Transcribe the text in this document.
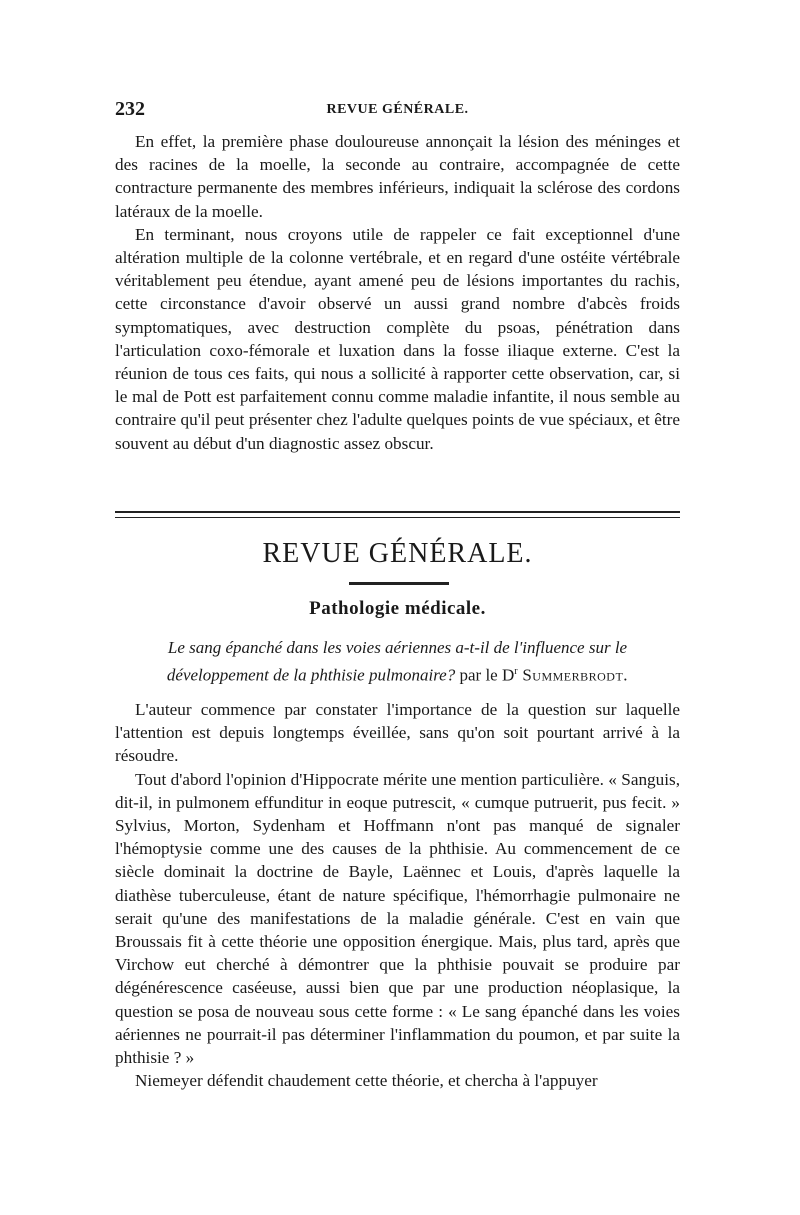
232	REVUE GÉNÉRALE.

En effet, la première phase douloureuse annonçait la lésion des méninges et des racines de la moelle, la seconde au contraire, accompagnée de cette contracture permanente des membres inférieurs, indiquait la sclérose des cordons latéraux de la moelle.

En terminant, nous croyons utile de rappeler ce fait exceptionnel d'une altération multiple de la colonne vertébrale, et en regard d'une ostéite vértébrale véritablement peu étendue, ayant amené peu de lésions importantes du rachis, cette circonstance d'avoir observé un aussi grand nombre d'abcès froids symptomatiques, avec destruction complète du psoas, pénétration dans l'articulation coxo-fémorale et luxation dans la fosse iliaque externe. C'est la réunion de tous ces faits, qui nous a sollicité à rapporter cette observation, car, si le mal de Pott est parfaitement connu comme maladie infantite, il nous semble au contraire qu'il peut présenter chez l'adulte quelques points de vue spéciaux, et être souvent au début d'un diagnostic assez obscur.

REVUE GÉNÉRALE.
Pathologie médicale.
Le sang épanché dans les voies aériennes a-t-il de l'influence sur le développement de la phthisie pulmonaire? par le $D^r$ Summerbrodt.

L'auteur commence par constater l'importance de la question sur laquelle l'attention est depuis longtemps éveillée, sans qu'on soit pourtant arrivé à la résoudre.

Tout d'abord l'opinion d'Hippocrate mérite une mention particulière. « Sanguis, dit-il, in pulmonem effunditur in eoque putrescit, « cumque putruerit, pus fecit. » Sylvius, Morton, Sydenham et Hoffmann n'ont pas manqué de signaler l'hémoptysie comme une des causes de la phthisie. Au commencement de ce siècle dominait la doctrine de Bayle, Laënnec et Louis, d'après laquelle la diathèse tuberculeuse, étant de nature spécifique, l'hémorrhagie pulmonaire ne serait qu'une des manifestations de la maladie générale. C'est en vain que Broussais fit à cette théorie une opposition énergique. Mais, plus tard, après que Virchow eut cherché à démontrer que la phthisie pouvait se produire par dégénérescence caséeuse, aussi bien que par une production néoplasique, la question se posa de nouveau sous cette forme : « Le sang épanché dans les voies aériennes ne pourrait-il pas déterminer l'inflammation du poumon, et par suite la phthisie ? »

Niemeyer défendit chaudement cette théorie, et chercha à l'appuyer
